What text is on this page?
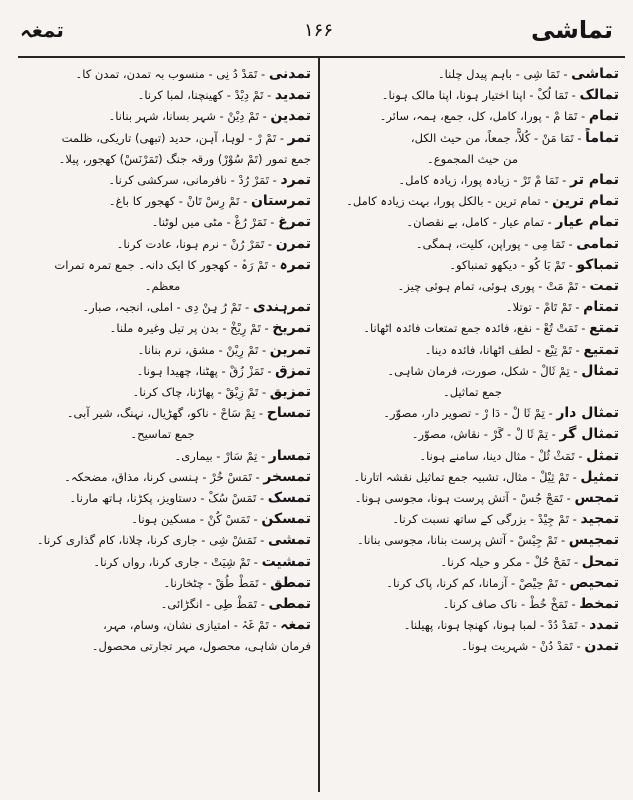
تماشی
۱۶۶
تمغہ
تماشی - تَمَا شِی - باہم پیدل چلنا۔
تمالک - تَمَا لُکْ - اپنا اختیار ہونا، اپنا مالک ہونا۔
تمام - تَمَا مْ - پورا، کامل، کل، جمع، ہمہ، سائر۔
تماماً - تَمَا مَنْ - کُلاًّ، جمعاً، من حیث الکل،
من حیث المجموع۔
تمام تر - تَمَا مْ تَرْ - زیادہ پورا، زیادہ کامل۔
تمام ترین - تمام ترین - بالکل پورا، بہت زیادہ کامل۔
تمام عیار - تمام عیار - کامل، بے نقصان۔
تمامی - تَمَا مِی - پوراپن، کلیت، ہمگی۔
تمباکو - تَمْ بَا کُو - دیکھو تمنباکو۔
تمت - تَمْ مَتْ - پوری ہوئی، تمام ہوئی چیز۔
تمتام - تَمْ تَامْ - توتلا۔
تمتع - تَمَتْ تُعْ - نفع، فائدہ جمع تمتعات فائدہ اٹھانا۔
تمتیع - تَمْ تِیْع - لطف اٹھانا، فائدہ دینا۔
تمثال - تِمْ ثَالْ - شکل، صورت، فرمان شاہی۔
جمع تماثیل۔
تمثال دار - تِمْ ثَا لْ - دَا رْ - تصویر دار، مصوّر۔
تمثال گر - تِمْ ثَا لْ - گَرْ - نقاش، مصوّر۔
تمثل - تَمَثْ ثُلْ - مثال دینا، سامنے ہونا۔
تمثیل - تَمْ ثِیْلْ - مثال، تشبیہ جمع تماثیل نقشہ اتارنا۔
تمجس - تَمَجْ جُسْ - آتش پرست ہونا، مجوسی ہونا۔
تمجید - تَمْ جِیْدْ - بزرگی کے ساتھ نسبت کرنا۔
تمجیس - تَمْ جِیْسْ - آتش پرست بنانا، مجوسی بنانا۔
تمحل - تَمَحْ حُلْ - مکر و حیلہ کرنا۔
تمحیص - تَمْ حِیْصْ - آزمانا، کم کرنا، پاک کرنا۔
تمخط - تَمَخْ خُطْ - ناک صاف کرنا۔
تمدد - تَمَدْ دُدْ - لمبا ہونا، کھنچا ہونا، پھیلنا۔
تمدن - تَمَدْ دُنْ - شہریت ہونا۔
تمدنی - تَمَدْ دُ نِی - منسوب بہ تمدن، تمدن کا۔
تمدید - تَمْ دِیْدْ - کھینچنا، لمبا کرنا۔
تمدین - تَمْ دِیْنْ - شہر بسانا، شہر بنانا۔
تمر - تَمْ رْ - لوہا، آہن، حدید (تبھی) تاریکی، ظلمت
جمع تمور (تَمْ سُوْرْ) ورقہ جنگ (تَمَرْنَسْ) کھجور، پیلا۔
تمرد - تَمَرْ رُدْ - نافرمانی، سرکشی کرنا۔
تمرستان - تَمْ رِسْ تَانْ - کھجور کا باغ۔
تمرغ - تَمَرْ رُغْ - مٹی میں لوٹنا۔
تمرن - تَمَرْ رُنْ - نرم ہونا، عادت کرنا۔
تمرہ - تَمْ رَہْ - کھجور کا ایک دانہ۔ جمع تمرہ تمرات
معظم۔
تمرہندی - تَمْ رُ ہِنْ دِی - املی، انجبہ، صبار۔
تمریخ - تَمْ رِیْخْ - بدن پر تیل وغیرہ ملنا۔
تمرین - تَمْ رِیْنْ - مشق، نرم بنانا۔
تمزق - تَمَزْ زُقْ - پھٹنا، چھیدا ہونا۔
تمزیق - تَمْ زِیْقْ - پھاڑنا، چاک کرنا۔
تمساح - تِمْ سَاحْ - ناکو، گھڑیال، نہنگ، شیر آبی۔
جمع تماسیح۔
تمسار - تِمْ سَارْ - بیماری۔
تمسخر - تَمَسْ خُرْ - ہنسی کرنا، مذاق، مضحکہ۔
تمسک - تَمَسْ سُکْ - دستاویز، پکڑنا، ہاتھ مارنا۔
تمسکن - تَمَسْ کُنْ - مسکین ہونا۔
تمشی - تَمَشْ شِی - جاری کرنا، چلانا، کام گذاری کرنا۔
تمشیت - تَمْ شِیَتْ - جاری کرنا، رواں کرنا۔
تمطق - تَمَطْ طُقْ - چٹخارنا۔
تمطی - تَمَطْ طِی - انگڑائی۔
تمغہ - تَمْ غَہْ - امتیازی نشان، وسام، مہر،
فرمان شاہی، محصول، مہر تجارتی محصول۔
